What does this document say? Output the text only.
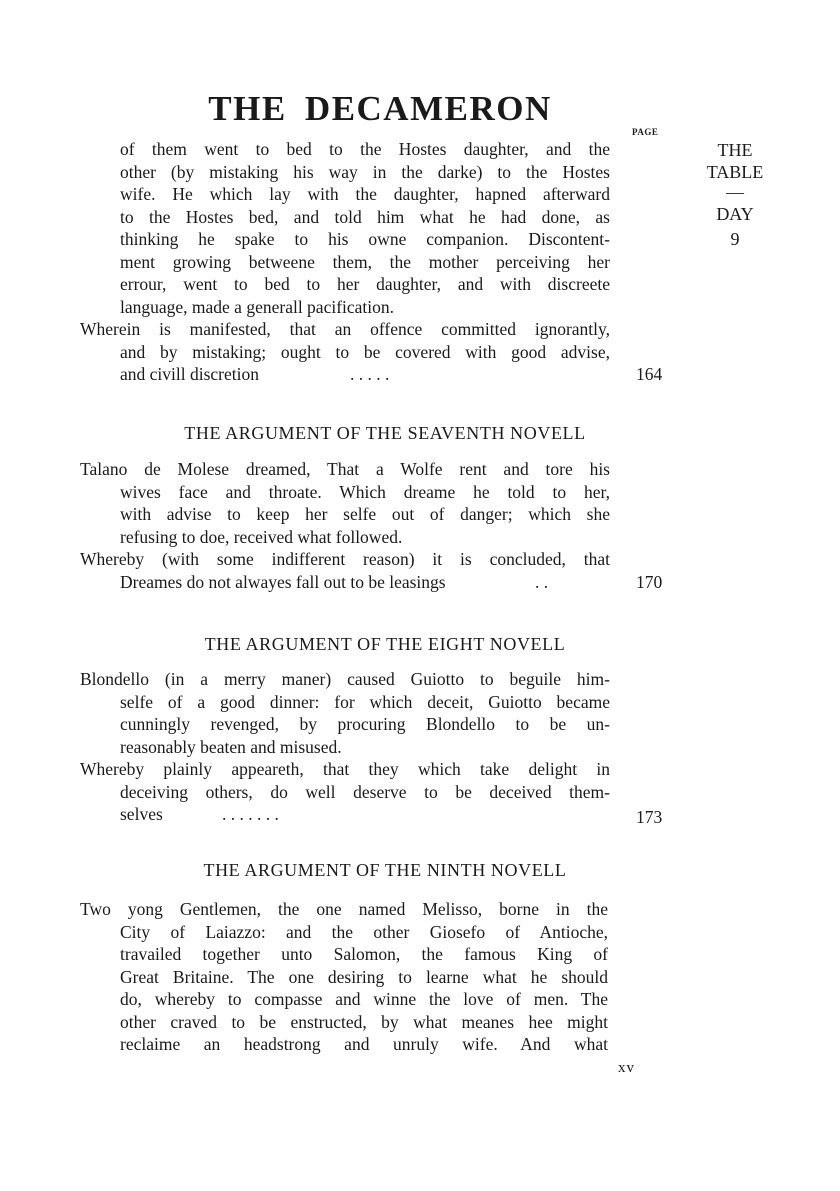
THE DECAMERON
PAGE
THE
TABLE
—
DAY
9
of them went to bed to the Hostes daughter, and the
other (by mistaking his way in the darke) to the Hostes
wife. He which lay with the daughter, hapned afterward
to the Hostes bed, and told him what he had done, as
thinking he spake to his owne companion. Discontent-
ment growing betweene them, the mother perceiving her
errour, went to bed to her daughter, and with discreete
language, made a generall pacification.
Wherein is manifested, that an offence committed ignorantly,
and by mistaking; ought to be covered with good advise,
and civill discretion	. . . . .	164
THE ARGUMENT OF THE SEAVENTH NOVELL
Talano de Molese dreamed, That a Wolfe rent and tore his
wives face and throate. Which dreame he told to her,
with advise to keep her selfe out of danger; which she
refusing to doe, received what followed.
Whereby (with some indifferent reason) it is concluded, that
Dreames do not alwayes fall out to be leasings	. .	170
THE ARGUMENT OF THE EIGHT NOVELL
Blondello (in a merry maner) caused Guiotto to beguile him-
selfe of a good dinner: for which deceit, Guiotto became
cunningly revenged, by procuring Blondello to be un-
reasonably beaten and misused.
Whereby plainly appeareth, that they which take delight in
deceiving others, do well deserve to be deceived them-
selves	. . . . . . .	173
THE ARGUMENT OF THE NINTH NOVELL
Two yong Gentlemen, the one named Melisso, borne in the
City of Laiazzo: and the other Giosefo of Antioche,
travailed together unto Salomon, the famous King of
Great Britaine. The one desiring to learne what he should
do, whereby to compasse and winne the love of men. The
other craved to be enstructed, by what meanes hee might
reclaime an headstrong and unruly wife. And what
xv
